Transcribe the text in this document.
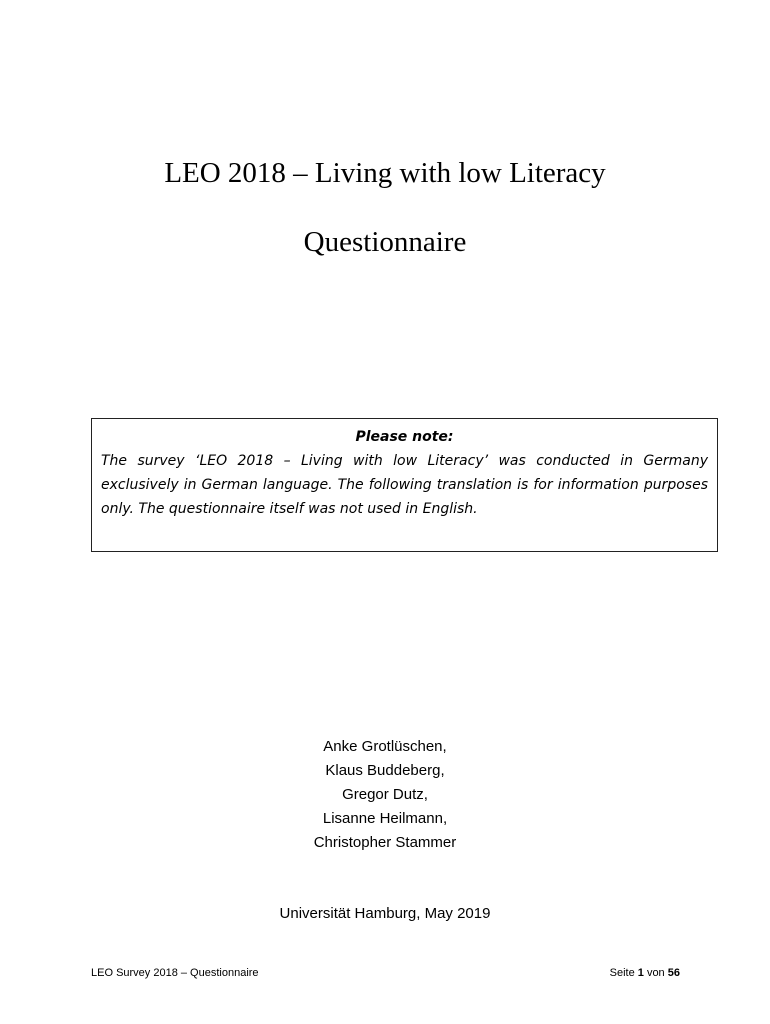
LEO 2018 – Living with low Literacy
Questionnaire

Please note:

The survey ‘LEO 2018 – Living with low Literacy’ was conducted in Germany exclusively in German language. The following translation is for information purposes only. The questionnaire itself was not used in English.

Anke Grotlüschen,
Klaus Buddeberg,
Gregor Dutz,
Lisanne Heilmann,
Christopher Stammer
Universität Hamburg, May 2019
LEO Survey 2018 – Questionnaire	Seite 1 von 56
